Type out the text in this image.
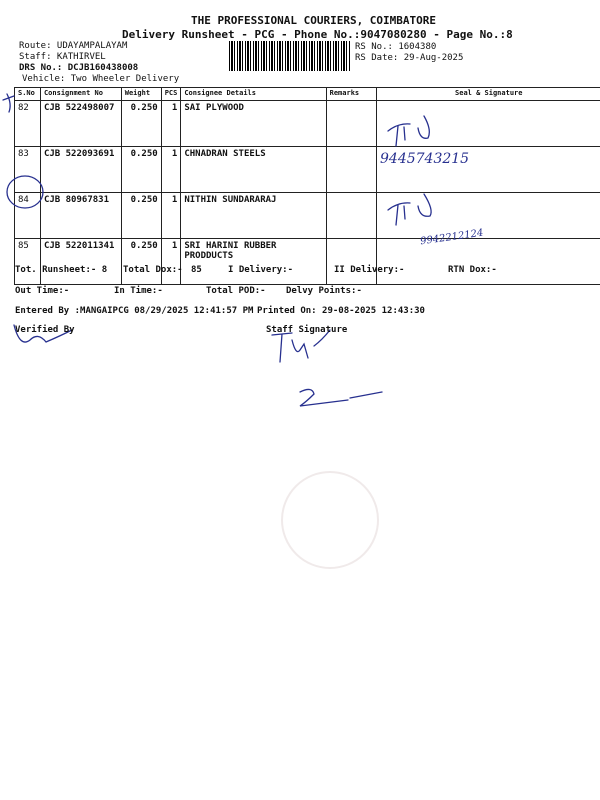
THE PROFESSIONAL COURIERS, COIMBATORE
Delivery Runsheet - PCG - Phone No.:9047080280 - Page No.:8
Route: UDAYAMPALAYAM
Staff: KATHIRVEL
DRS No.: DCJB160438008
Vehicle: Two Wheeler Delivery
RS No.: 1604380
RS Date: 29-Aug-2025
S.No	Consignment No	Weight	PCS	Consignee Details	Remarks	Seal & Signature
82	CJB 522498007	0.250	1	SAI PLYWOOD		
83	CJB 522093691	0.250	1	CHNADRAN STEELS		
84	CJB 80967831	0.250	1	NITHIN SUNDARARAJ		
85	CJB 522011341	0.250	1	SRI HARINI RUBBER PRODDUCTS		
9445743215
9942212124
Tot. Runsheet:- 8 Total Dox:- 85	I Delivery:-	II Delivery:-	RTN Dox:-
Out Time:-	In Time:-	Total POD:- Delvy Points:-
Entered By :MANGAIPCG 08/29/2025 12:41:57 PM Printed On: 29-08-2025 12:43:30
Verified By	Staff Signature
